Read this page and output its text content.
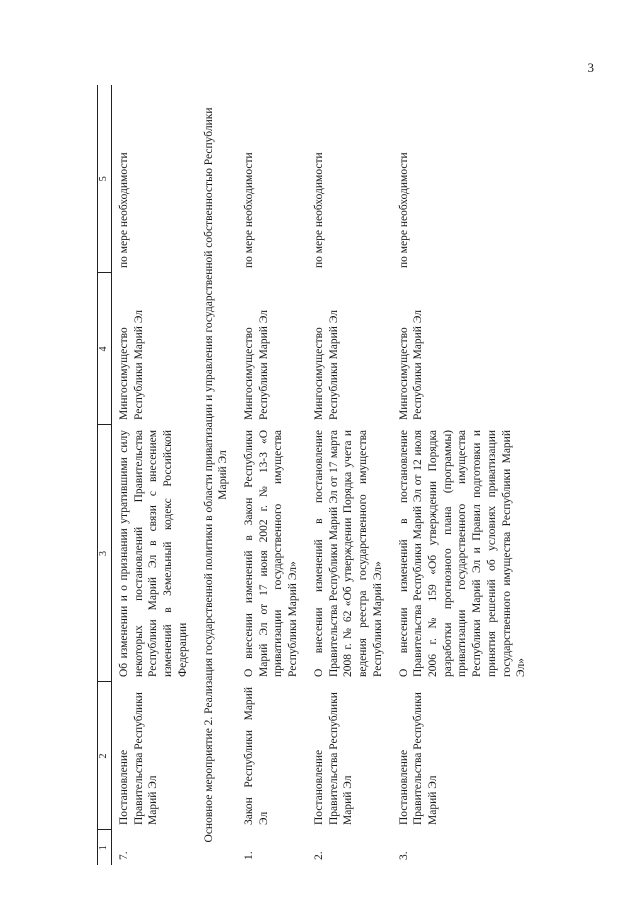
3
1	2	3	4	5
7.	Постановление Правительства Республики Марий Эл	Об изменении и о признании утратившими силу некоторых постановлений Правительства Республики Марий Эл в связи с внесением изменений в Земельный кодекс Российской Федерации	Мингосимущество Республики Марий Эл	по мере необходимости
Основное мероприятие 2. Реализация государственной политики в области приватизации и управления государственной собственностью Республики Марий Эл				
1.	Закон Республики Марий Эл	О внесении изменений в Закон Республики Марий Эл от 17 июня 2002 г. № 13-З «О приватизации государственного имущества Республики Марий Эл»	Мингосимущество Республики Марий Эл	по мере необходимости
2.	Постановление Правительства Республики Марий Эл	О внесении изменений в постановление Правительства Республики Марий Эл от 17 марта 2008 г. № 62 «Об утверждении Порядка учета и ведения реестра государственного имущества Республики Марий Эл»	Мингосимущество Республики Марий Эл	по мере необходимости
3.	Постановление Правительства Республики Марий Эл	О внесении изменений в постановление Правительства Республики Марий Эл от 12 июля 2006 г. № 159 «Об утверждении Порядка разработки прогнозного плана (программы) приватизации государственного имущества Республики Марий Эл и Правил подготовки и принятия решений об условиях приватизации государственного имущества Республики Марий Эл»	Мингосимущество Республики Марий Эл	по мере необходимости
